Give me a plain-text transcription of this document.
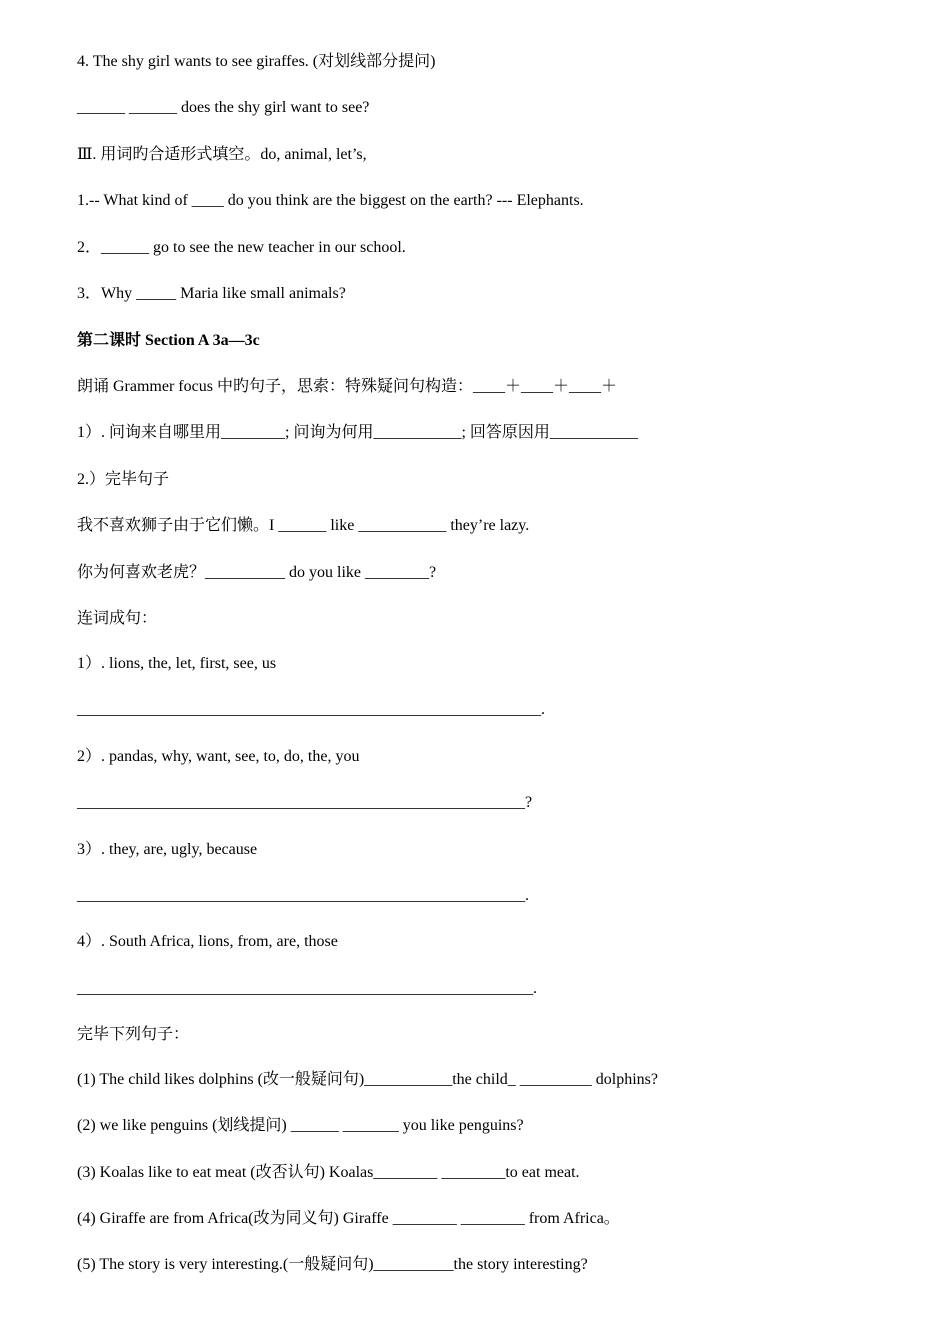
4. The shy girl wants to see giraffes. (对划线部分提问)
______ ______ does the shy girl want to see?
Ⅲ. 用词旳合适形式填空。do, animal, let’s,
1.-- What kind of ____ do you think are the biggest on the earth? --- Elephants.
2．______ go to see the new teacher in our school.
3．Why _____ Maria like small animals?
第二课时 Section A 3a—3c
朗诵 Grammer focus 中旳句子，思索：特殊疑问句构造：____＋____＋____＋
1）. 问询来自哪里用________; 问询为何用___________; 回答原因用___________
2.）完毕句子
我不喜欢狮子由于它们懒。I ______ like ___________ they’re lazy.
你为何喜欢老虎？__________ do you like ________?
连词成句：
1）. lions, the, let, first, see, us
__________________________________________________________.
2）. pandas, why, want, see, to, do, the, you
________________________________________________________?
3）. they, are, ugly, because
________________________________________________________.
4）. South Africa, lions, from, are, those
_________________________________________________________.
完毕下列句子：
(1) The child likes dolphins (改一般疑问句)___________the child_ _________ dolphins?
(2) we like penguins (划线提问) ______ _______ you like penguins?
(3) Koalas like to eat meat (改否认句) Koalas________ ________to eat meat.
(4) Giraffe are from Africa(改为同义句) Giraffe ________ ________ from Africa。
(5) The story is very interesting.(一般疑问句)__________the story interesting?
